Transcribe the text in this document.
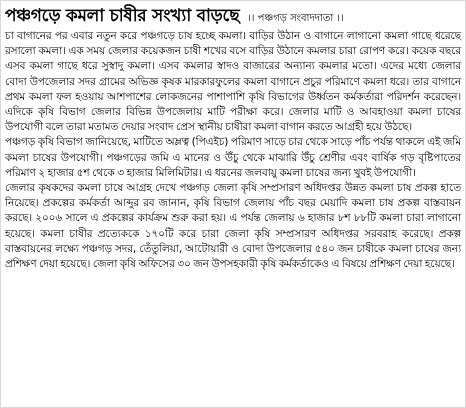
পঞ্চগড়ে কমলা চাষীর সংখ্যা বাড়ছে ।। পঞ্চগড় সংবাদদাতা ।।

চা বাগানের পর এবার নতুন করে পঞ্চগড়ে চাষ হচ্ছে কমলা। বাড়ির উঠান ও বাগানে লাগানো কমলা গাছে ধরেছে রসালো কমলা। এক সময় জেলার কয়েকজন চাষী শখের বসে বাড়ির উঠানে কমলার চারা রোপণ করে। কয়েক বছরে এসব কমলা গাছে ধরে সুস্বাদু কমলা। এসব কমলার স্বাদও বাজারের অন্যান্য কমলার মতো। এদের মধ্যে জেলার বোদা উপজেলার সদর গ্রামের অভিজ্ঞ কৃষক মারকারফুলের কমলা বাগানে প্রচুর পরিমাণে কমলা ধরে। তার বাগানে প্রথম কমলা ফল হওয়ায় আশপাশের লোকজনের পাশাপাশি কৃষি বিভাগের উর্ধ্বতন কর্মকর্তারা পরিদর্শন করেছেন। এদিকে কৃষি বিভাগ জেলার বিভিন্ন উপজেলায় মাটি পরীক্ষা করে। জেলার মাটি ও আবহাওয়া কমলা চাষের উপযোগী বলে তারা মতামত দেয়ার সংবাদ প্রেস স্থানীয় চাষীরা কমলা বাগান করতে আগ্রহী হয়ে উঠছে।

পঞ্চগড় কৃষি বিভাগ জানিয়েছে, মাটিতে অম্লত্ব (পিএইচ) পরিমাণ সাড়ে চার থেকে সাড়ে পাঁচ পর্যন্ত থাকলে এই জমি কমলা চাষের উপযোগী। পঞ্চগড়ের জমি এ মানের ও উঁচু থেকে মাঝারি উঁচু শ্রেণীর এবং বার্ষিক গড় বৃষ্টিপাতের পরিমাণ ২ হাজার ৫শ থেকে ৩ হাজার মিলিমিটার। এ ধরনের জলবায়ু কমলা চাষের জন্য খুবই উপযোগী।

জেলার কৃষকদের কমলা চাষে আগ্রহ দেখে পঞ্চগড় জেলা কৃষি সম্প্রসারণ অধিদপ্তর উন্নত কমলা চাষ প্রকল্প হাতে নিয়েছে। প্রকল্পের কর্মকর্তা আব্দুর রব জানান, কৃষি বিভাগ জেলায় পাঁচ বছর মেয়াদি কমলা চাষ প্রকল্প বাস্তবায়ন করছে। ২০০৬ সালে এ প্রকল্পের কার্যক্রম শুরু করা হয়। এ পর্যন্ত জেলায় ৬ হাজার ৮শ ৮৮টি কমলা চারা লাগানো হয়েছে। কমলা চাষীর প্রত্যেককে ১৭০টি করে চারা জেলা কৃষি সম্প্রসারণ অধিদপ্তর সরবরাহ করেছে। প্রকল্প বাস্তবায়নের লক্ষ্যে পঞ্চগড় সদর, তেঁতুলিয়া, আটোয়ারী ও বোদা উপজেলার ৫৪০ জন চাষীকে কমলা চাষের জন্য প্রশিক্ষণ দেয়া হয়েছে। জেলা কৃষি অফিসের ৩০ জন উপসহকারী কৃষি কর্মকর্তাকেও এ বিষয়ে প্রশিক্ষণ দেয়া হয়েছে।
